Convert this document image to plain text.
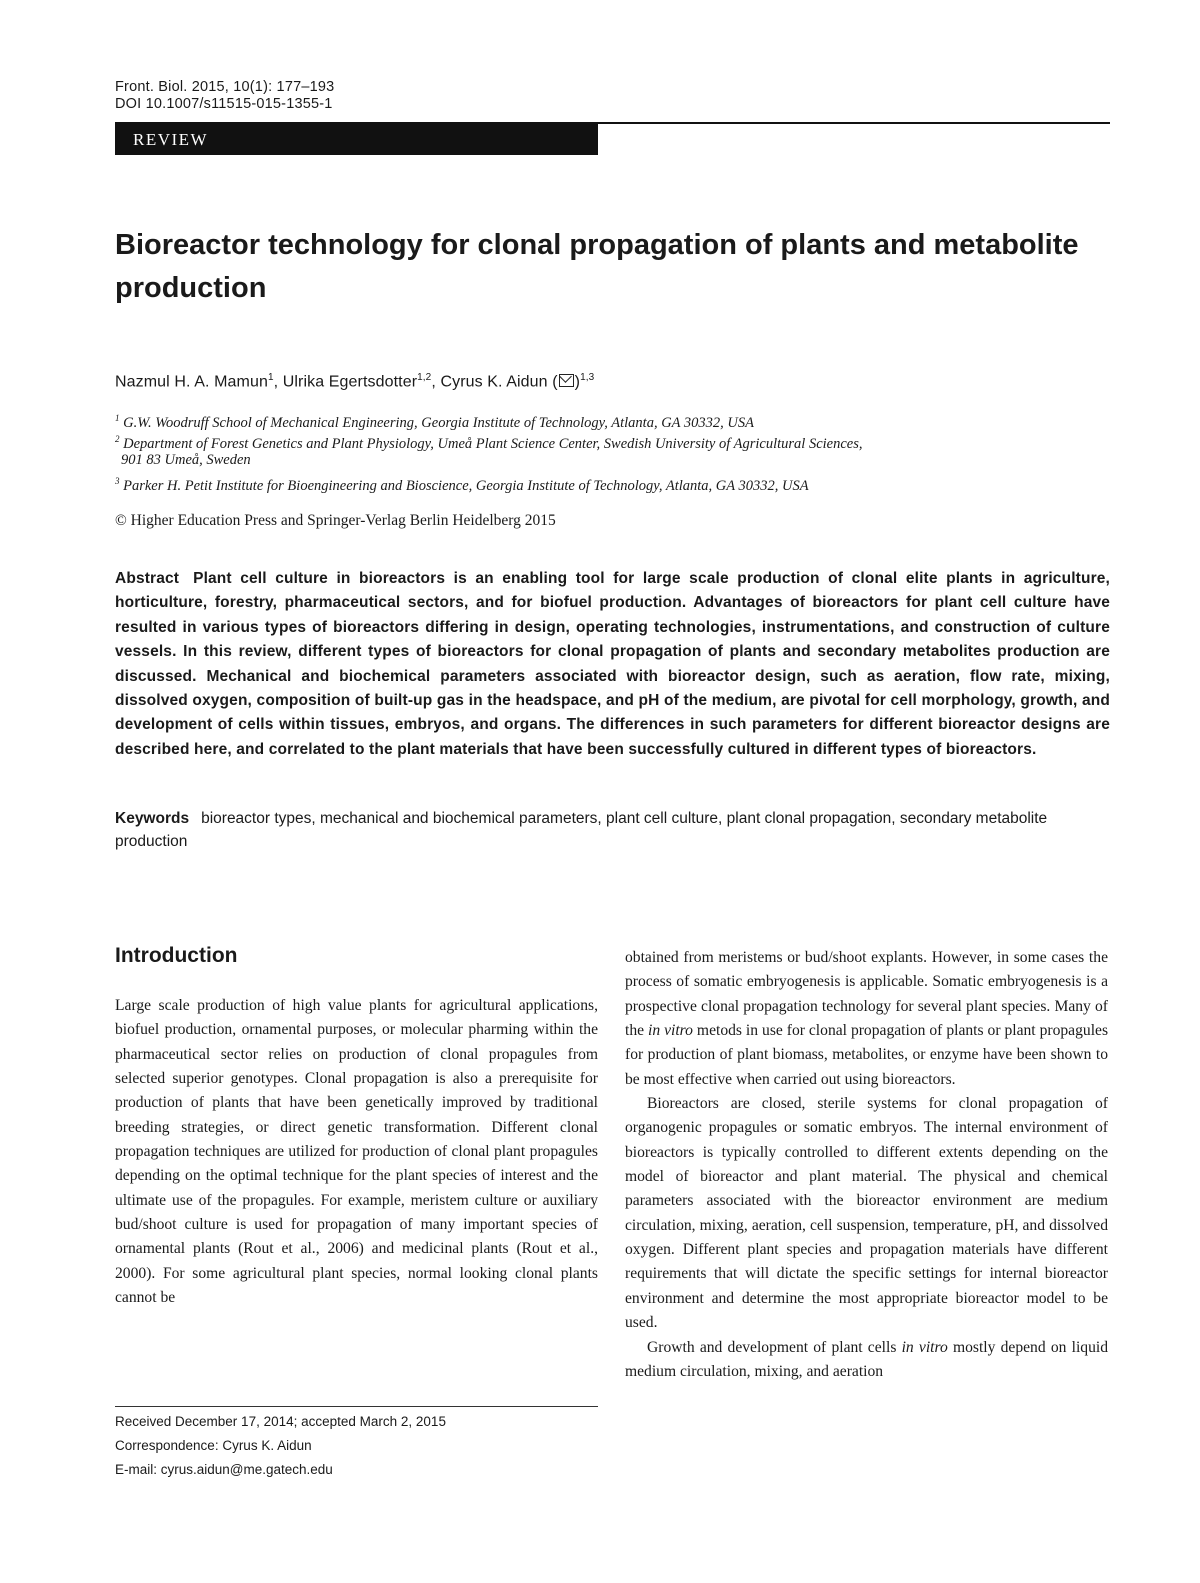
Front. Biol. 2015, 10(1): 177–193
DOI 10.1007/s11515-015-1355-1
REVIEW
Bioreactor technology for clonal propagation of plants and metabolite production
Nazmul H. A. Mamun$^1$, Ulrika Egertsdotter$^{1,2}$, Cyrus K. Aidun ( )$^{1,3}$
$^1$ G.W. Woodruff School of Mechanical Engineering, Georgia Institute of Technology, Atlanta, GA 30332, USA
$^2$ Department of Forest Genetics and Plant Physiology, Umeå Plant Science Center, Swedish University of Agricultural Sciences,
901 83 Umeå, Sweden
$^3$ Parker H. Petit Institute for Bioengineering and Bioscience, Georgia Institute of Technology, Atlanta, GA 30332, USA
© Higher Education Press and Springer-Verlag Berlin Heidelberg 2015

Abstract Plant cell culture in bioreactors is an enabling tool for large scale production of clonal elite plants in agriculture, horticulture, forestry, pharmaceutical sectors, and for biofuel production. Advantages of bioreactors for plant cell culture have resulted in various types of bioreactors differing in design, operating technologies, instrumentations, and construction of culture vessels. In this review, different types of bioreactors for clonal propagation of plants and secondary metabolites production are discussed. Mechanical and biochemical parameters associated with bioreactor design, such as aeration, flow rate, mixing, dissolved oxygen, composition of built-up gas in the headspace, and pH of the medium, are pivotal for cell morphology, growth, and development of cells within tissues, embryos, and organs. The differences in such parameters for different bioreactor designs are described here, and correlated to the plant materials that have been successfully cultured in different types of bioreactors.

Keywords bioreactor types, mechanical and biochemical parameters, plant cell culture, plant clonal propagation, secondary metabolite production

Introduction

Large scale production of high value plants for agricultural applications, biofuel production, ornamental purposes, or molecular pharming within the pharmaceutical sector relies on production of clonal propagules from selected superior genotypes. Clonal propagation is also a prerequisite for production of plants that have been genetically improved by traditional breeding strategies, or direct genetic transformation. Different clonal propagation techniques are utilized for production of clonal plant propagules depending on the optimal technique for the plant species of interest and the ultimate use of the propagules. For example, meristem culture or auxiliary bud/shoot culture is used for propagation of many important species of ornamental plants (Rout et al., 2006) and medicinal plants (Rout et al., 2000). For some agricultural plant species, normal looking clonal plants cannot be

obtained from meristems or bud/shoot explants. However, in some cases the process of somatic embryogenesis is applicable. Somatic embryogenesis is a prospective clonal propagation technology for several plant species. Many of the in vitro metods in use for clonal propagation of plants or plant propagules for production of plant biomass, metabolites, or enzyme have been shown to be most effective when carried out using bioreactors.

Bioreactors are closed, sterile systems for clonal propagation of organogenic propagules or somatic embryos. The internal environment of bioreactors is typically controlled to different extents depending on the model of bioreactor and plant material. The physical and chemical parameters associated with the bioreactor environment are medium circulation, mixing, aeration, cell suspension, temperature, pH, and dissolved oxygen. Different plant species and propagation materials have different requirements that will dictate the specific settings for internal bioreactor environment and determine the most appropriate bioreactor model to be used.

Growth and development of plant cells in vitro mostly depend on liquid medium circulation, mixing, and aeration

Received December 17, 2014; accepted March 2, 2015
Correspondence: Cyrus K. Aidun
E-mail: cyrus.aidun@me.gatech.edu
